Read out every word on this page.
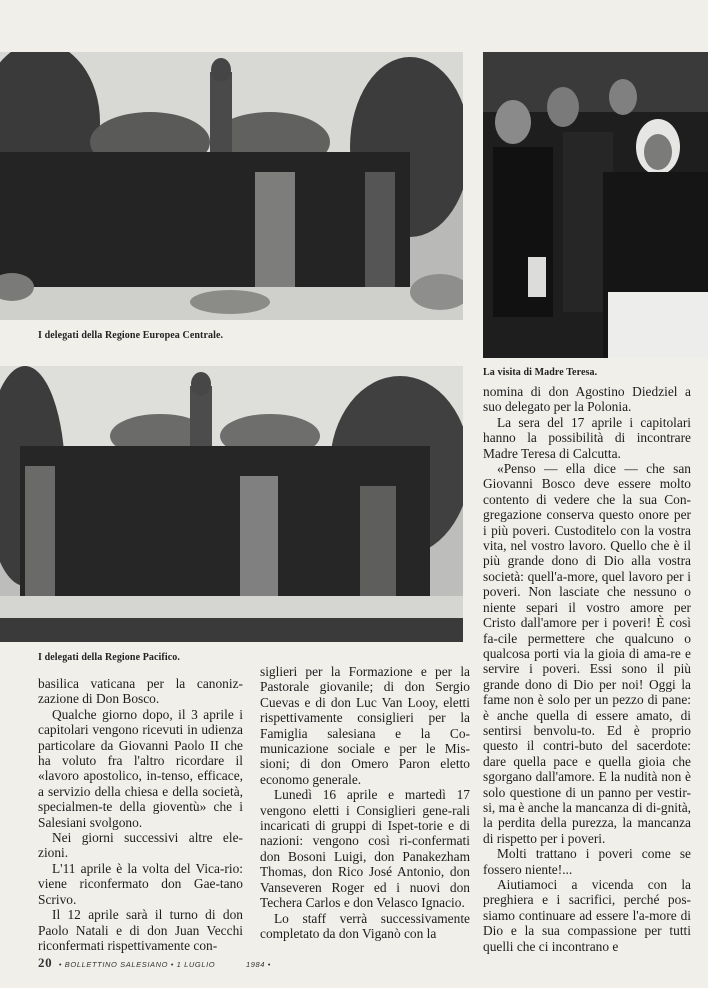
I delegati della Regione Europea Centrale.
La visita di Madre Teresa.
I delegati della Regione Pacifico.

basilica vaticana per la canoniz-zazione di Don Bosco.

Qualche giorno dopo, il 3 aprile i capitolari vengono ricevuti in udienza particolare da Giovanni Paolo II che ha voluto fra l'altro ricordare il «lavoro apostolico, in-tenso, efficace, a servizio della chiesa e della società, specialmen-te della gioventù» che i Salesiani svolgono.

Nei giorni successivi altre ele-zioni.

L'11 aprile è la volta del Vica-rio: viene riconfermato don Gae-tano Scrivo.

Il 12 aprile sarà il turno di don Paolo Natali e di don Juan Vecchi riconfermati rispettivamente con-

siglieri per la Formazione e per la Pastorale giovanile; di don Sergio Cuevas e di don Luc Van Looy, eletti rispettivamente consiglieri per la Famiglia salesiana e la Co-municazione sociale e per le Mis-sioni; di don Omero Paron eletto economo generale.

Lunedì 16 aprile e martedì 17 vengono eletti i Consiglieri gene-rali incaricati di gruppi di Ispet-torie e di nazioni: vengono così ri-confermati don Bosoni Luigi, don Panakezham Thomas, don Rico José Antonio, don Vanseveren Roger ed i nuovi don Techera Carlos e don Velasco Ignacio.

Lo staff verrà successivamente completato da don Viganò con la

nomina di don Agostino Diedziel a suo delegato per la Polonia.

La sera del 17 aprile i capitolari hanno la possibilità di incontrare Madre Teresa di Calcutta.

«Penso — ella dice — che san Giovanni Bosco deve essere molto contento di vedere che la sua Con-gregazione conserva questo onore per i più poveri. Custoditelo con la vostra vita, nel vostro lavoro. Quello che è il più grande dono di Dio alla vostra società: quell'a-more, quel lavoro per i poveri. Non lasciate che nessuno o niente separi il vostro amore per Cristo dall'amore per i poveri! È così fa-cile permettere che qualcuno o qualcosa porti via la gioia di ama-re e servire i poveri. Essi sono il più grande dono di Dio per noi! Oggi la fame non è solo per un pezzo di pane: è anche quella di essere amato, di sentirsi benvolu-to. Ed è proprio questo il contri-buto del sacerdote: dare quella pace e quella gioia che sgorgano dall'amore. E la nudità non è solo questione di un panno per vestir-si, ma è anche la mancanza di di-gnità, la perdita della purezza, la mancanza di rispetto per i poveri.

Molti trattano i poveri come se fossero niente!...

Aiutiamoci a vicenda con la preghiera e i sacrifici, perché pos-siamo continuare ad essere l'a-more di Dio e la sua compassione per tutti quelli che ci incontrano e

20 • BOLLETTINO SALESIANO • 1 LUGLIO	1984 •
